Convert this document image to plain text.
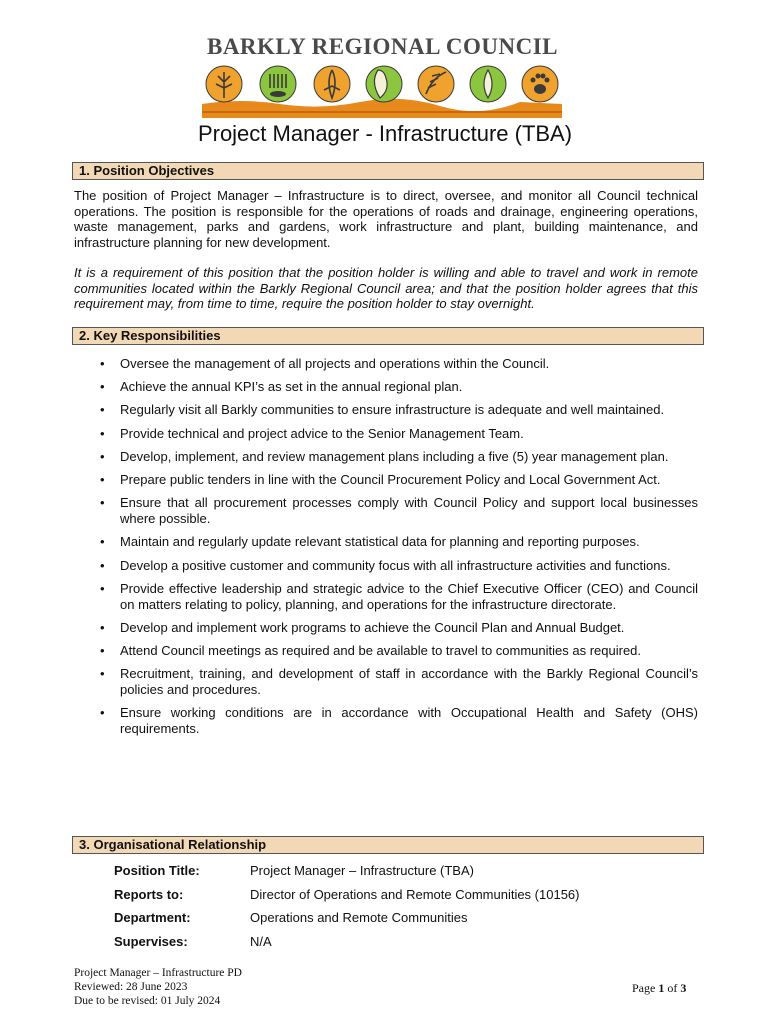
BARKLY REGIONAL COUNCIL
Project Manager - Infrastructure (TBA)
1. Position Objectives

The position of Project Manager – Infrastructure is to direct, oversee, and monitor all Council technical operations. The position is responsible for the operations of roads and drainage, engineering operations, waste management, parks and gardens, work infrastructure and plant, building maintenance, and infrastructure planning for new development.

It is a requirement of this position that the position holder is willing and able to travel and work in remote communities located within the Barkly Regional Council area; and that the position holder agrees that this requirement may, from time to time, require the position holder to stay overnight.

2. Key Responsibilities
• Oversee the management of all projects and operations within the Council.
• Achieve the annual KPI’s as set in the annual regional plan.
• Regularly visit all Barkly communities to ensure infrastructure is adequate and well maintained.
• Provide technical and project advice to the Senior Management Team.
• Develop, implement, and review management plans including a five (5) year management plan.
• Prepare public tenders in line with the Council Procurement Policy and Local Government Act.
• Ensure that all procurement processes comply with Council Policy and support local businesses where possible.
• Maintain and regularly update relevant statistical data for planning and reporting purposes.
• Develop a positive customer and community focus with all infrastructure activities and functions.
• Provide effective leadership and strategic advice to the Chief Executive Officer (CEO) and Council on matters relating to policy, planning, and operations for the infrastructure directorate.
• Develop and implement work programs to achieve the Council Plan and Annual Budget.
• Attend Council meetings as required and be available to travel to communities as required.
• Recruitment, training, and development of staff in accordance with the Barkly Regional Council’s policies and procedures.
• Ensure working conditions are in accordance with Occupational Health and Safety (OHS) requirements.
3. Organisational Relationship
Position Title:	Project Manager – Infrastructure (TBA)
Reports to:	Director of Operations and Remote Communities (10156)
Department:	Operations and Remote Communities
Supervises:	N/A
Project Manager – Infrastructure PD
Reviewed: 28 June 2023
Due to be revised: 01 July 2024
Page 1 of 3
